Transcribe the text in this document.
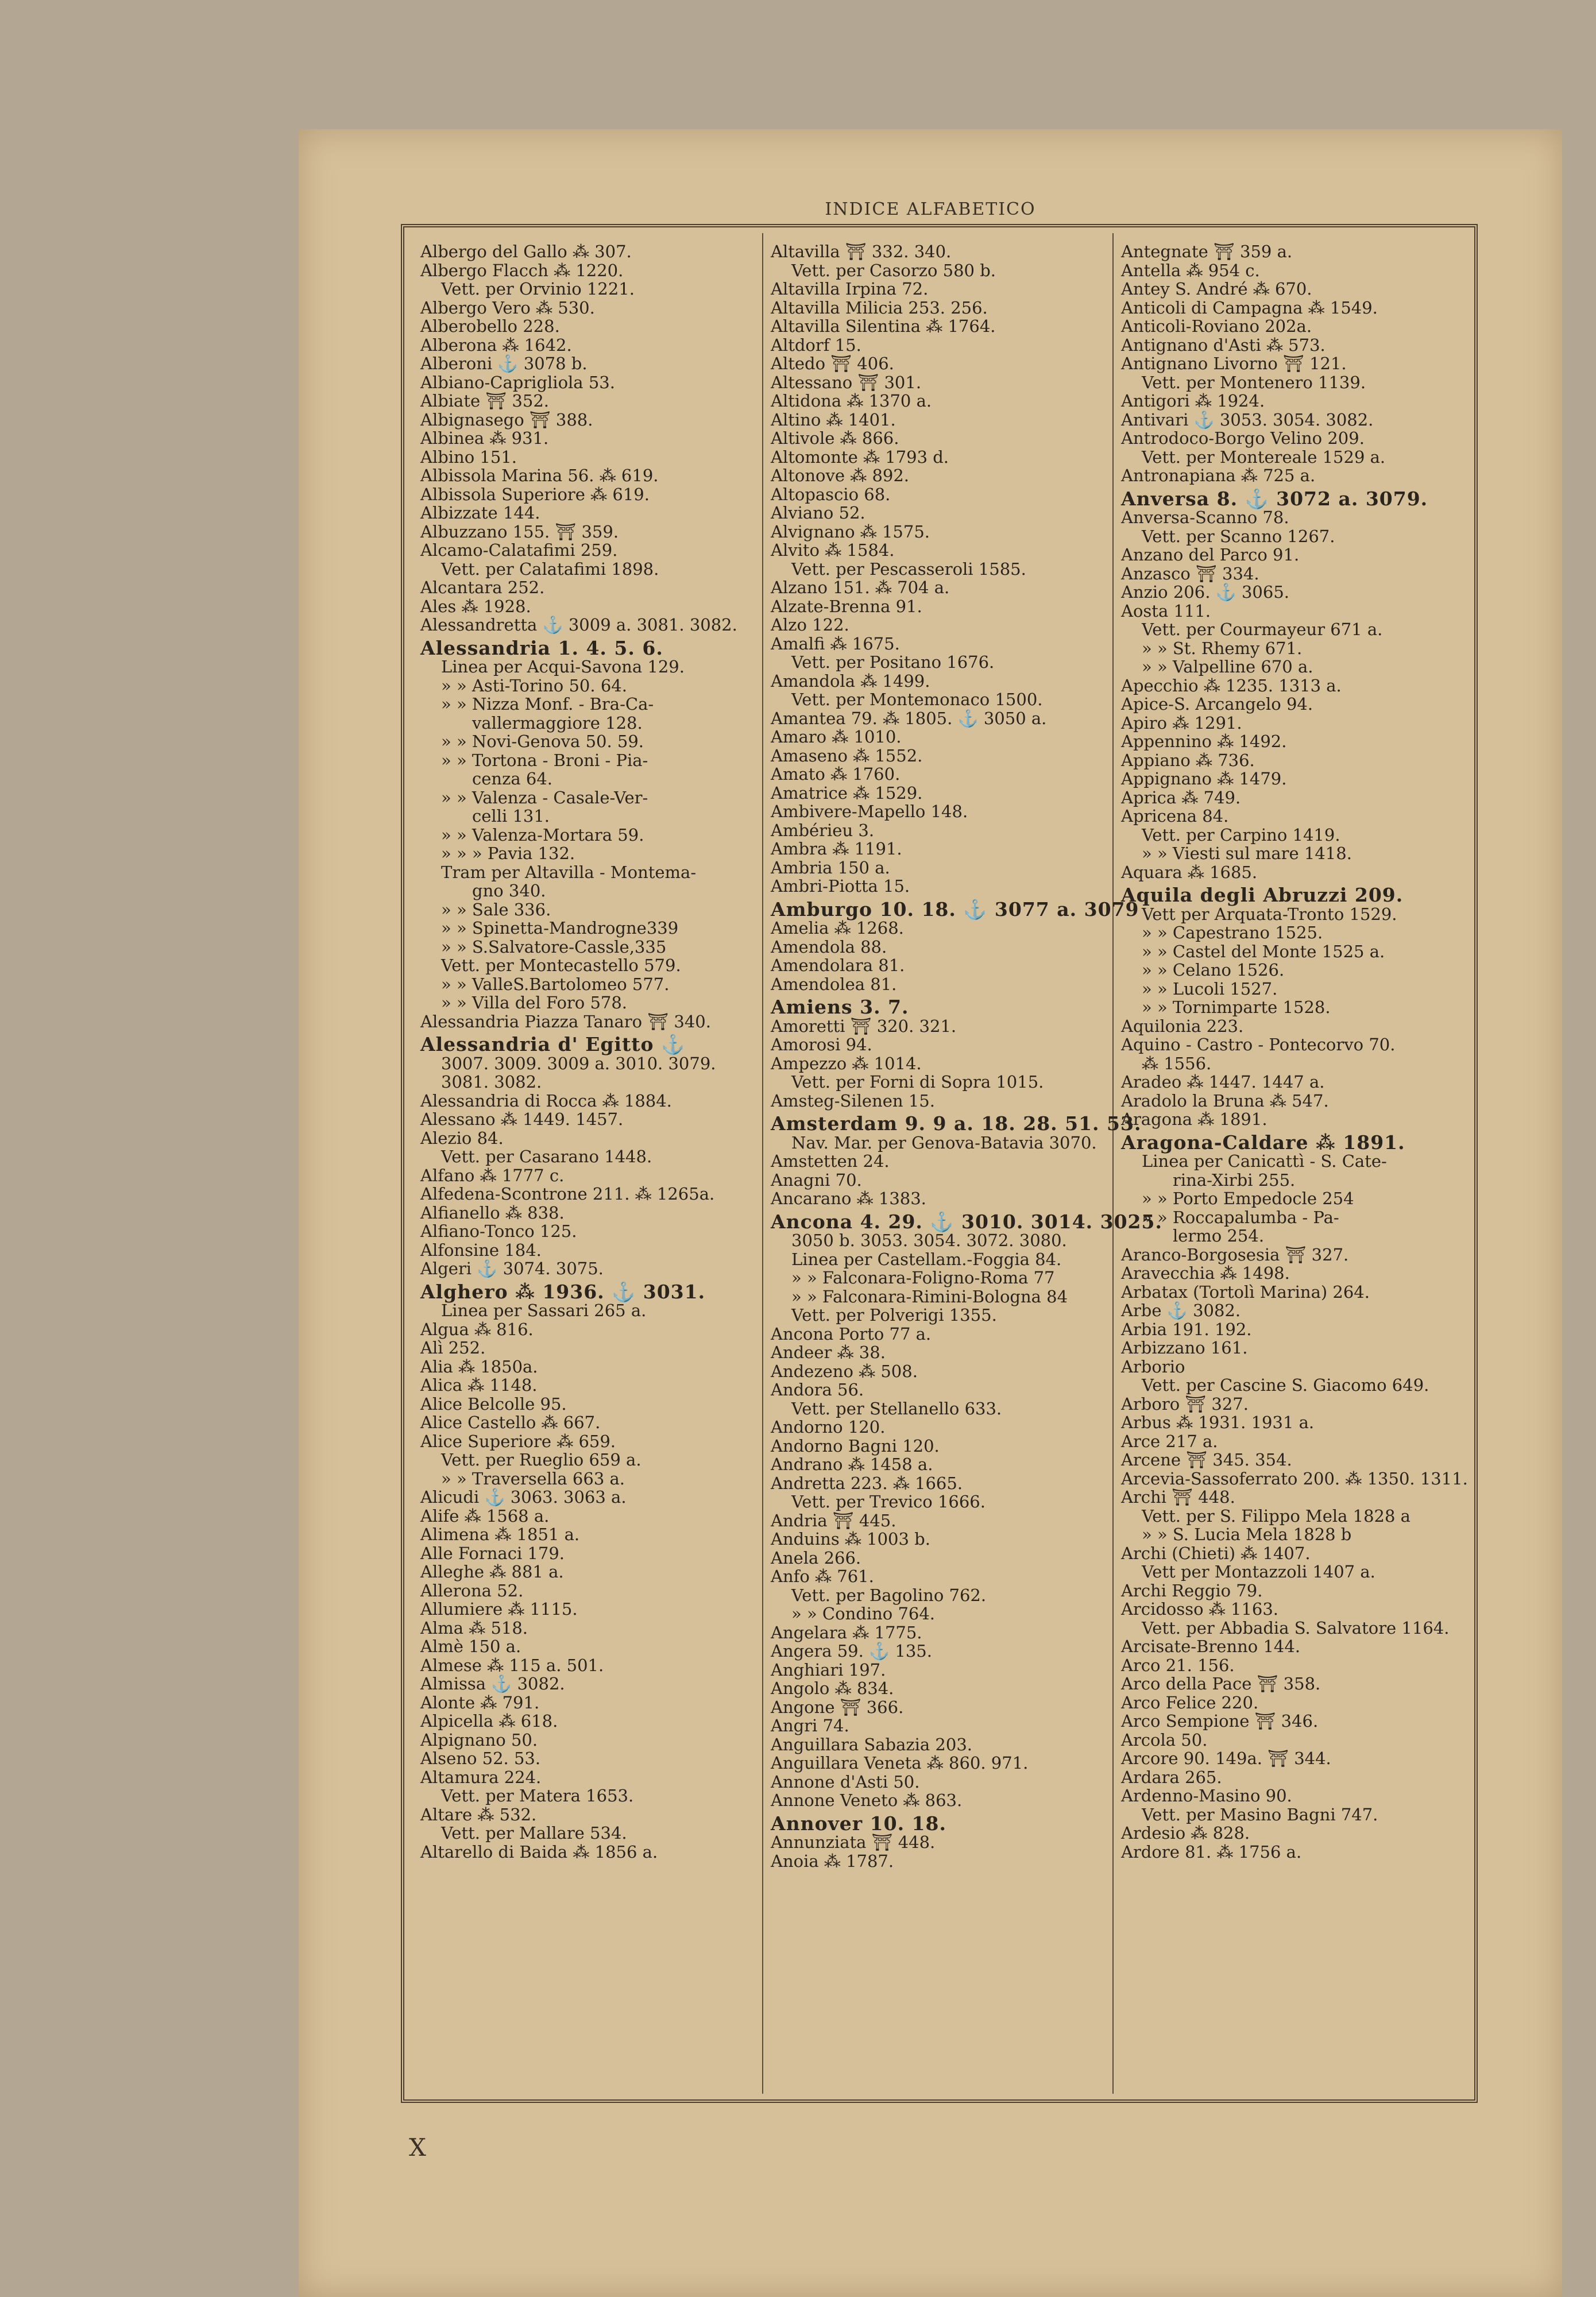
INDICE ALFABETICO
Albergo del Gallo ⁂ 307.
Albergo Flacch ⁂ 1220.
Vett. per Orvinio 1221.
Albergo Vero ⁂ 530.
Alberobello 228.
Alberona ⁂ 1642.
Alberoni ⚓ 3078 b.
Albiano-Caprigliola 53.
Albiate ⛩ 352.
Albignasego ⛩ 388.
Albinea ⁂ 931.
Albino 151.
Albissola Marina 56. ⁂ 619.
Albissola Superiore ⁂ 619.
Albizzate 144.
Albuzzano 155. ⛩ 359.
Alcamo-Calatafimi 259.
Vett. per Calatafimi 1898.
Alcantara 252.
Ales ⁂ 1928.
Alessandretta ⚓ 3009 a. 3081. 3082.
Alessandria 1. 4. 5. 6.
Linea per Acqui-Savona 129.
» » Asti-Torino 50. 64.
» » Nizza Monf. - Bra-Ca-
vallermaggiore 128.
» » Novi-Genova 50. 59.
» » Tortona - Broni - Pia-
cenza 64.
» » Valenza - Casale-Ver-
celli 131.
» » Valenza-Mortara 59.
» » » Pavia 132.
Tram per Altavilla - Montema-
gno 340.
» » Sale 336.
» » Spinetta-Mandrogne339
» » S.Salvatore-Cassle,335
Vett. per Montecastello 579.
» » ValleS.Bartolomeo 577.
» » Villa del Foro 578.
Alessandria Piazza Tanaro ⛩ 340.
Alessandria d' Egitto ⚓
3007. 3009. 3009 a. 3010. 3079.
3081. 3082.
Alessandria di Rocca ⁂ 1884.
Alessano ⁂ 1449. 1457.
Alezio 84.
Vett. per Casarano 1448.
Alfano ⁂ 1777 c.
Alfedena-Scontrone 211. ⁂ 1265a.
Alfianello ⁂ 838.
Alfiano-Tonco 125.
Alfonsine 184.
Algeri ⚓ 3074. 3075.
Alghero ⁂ 1936. ⚓ 3031.
Linea per Sassari 265 a.
Algua ⁂ 816.
Alì 252.
Alia ⁂ 1850a.
Alica ⁂ 1148.
Alice Belcolle 95.
Alice Castello ⁂ 667.
Alice Superiore ⁂ 659.
Vett. per Rueglio 659 a.
» » Traversella 663 a.
Alicudi ⚓ 3063. 3063 a.
Alife ⁂ 1568 a.
Alimena ⁂ 1851 a.
Alle Fornaci 179.
Alleghe ⁂ 881 a.
Allerona 52.
Allumiere ⁂ 1115.
Alma ⁂ 518.
Almè 150 a.
Almese ⁂ 115 a. 501.
Almissa ⚓ 3082.
Alonte ⁂ 791.
Alpicella ⁂ 618.
Alpignano 50.
Alseno 52. 53.
Altamura 224.
Vett. per Matera 1653.
Altare ⁂ 532.
Vett. per Mallare 534.
Altarello di Baida ⁂ 1856 a.
Altavilla ⛩ 332. 340.
Vett. per Casorzo 580 b.
Altavilla Irpina 72.
Altavilla Milicia 253. 256.
Altavilla Silentina ⁂ 1764.
Altdorf 15.
Altedo ⛩ 406.
Altessano ⛩ 301.
Altidona ⁂ 1370 a.
Altino ⁂ 1401.
Altivole ⁂ 866.
Altomonte ⁂ 1793 d.
Altonove ⁂ 892.
Altopascio 68.
Alviano 52.
Alvignano ⁂ 1575.
Alvito ⁂ 1584.
Vett. per Pescasseroli 1585.
Alzano 151. ⁂ 704 a.
Alzate-Brenna 91.
Alzo 122.
Amalfi ⁂ 1675.
Vett. per Positano 1676.
Amandola ⁂ 1499.
Vett. per Montemonaco 1500.
Amantea 79. ⁂ 1805. ⚓ 3050 a.
Amaro ⁂ 1010.
Amaseno ⁂ 1552.
Amato ⁂ 1760.
Amatrice ⁂ 1529.
Ambivere-Mapello 148.
Ambérieu 3.
Ambra ⁂ 1191.
Ambria 150 a.
Ambri-Piotta 15.
Amburgo 10. 18. ⚓ 3077 a. 3079
Amelia ⁂ 1268.
Amendola 88.
Amendolara 81.
Amendolea 81.
Amiens 3. 7.
Amoretti ⛩ 320. 321.
Amorosi 94.
Ampezzo ⁂ 1014.
Vett. per Forni di Sopra 1015.
Amsteg-Silenen 15.
Amsterdam 9. 9 a. 18. 28. 51. 53.
Nav. Mar. per Genova-Batavia 3070.
Amstetten 24.
Anagni 70.
Ancarano ⁂ 1383.
Ancona 4. 29. ⚓ 3010. 3014. 3025.
3050 b. 3053. 3054. 3072. 3080.
Linea per Castellam.-Foggia 84.
» » Falconara-Foligno-Roma 77
» » Falconara-Rimini-Bologna 84
Vett. per Polverigi 1355.
Ancona Porto 77 a.
Andeer ⁂ 38.
Andezeno ⁂ 508.
Andora 56.
Vett. per Stellanello 633.
Andorno 120.
Andorno Bagni 120.
Andrano ⁂ 1458 a.
Andretta 223. ⁂ 1665.
Vett. per Trevico 1666.
Andria ⛩ 445.
Anduins ⁂ 1003 b.
Anela 266.
Anfo ⁂ 761.
Vett. per Bagolino 762.
» » Condino 764.
Angelara ⁂ 1775.
Angera 59. ⚓ 135.
Anghiari 197.
Angolo ⁂ 834.
Angone ⛩ 366.
Angri 74.
Anguillara Sabazia 203.
Anguillara Veneta ⁂ 860. 971.
Annone d'Asti 50.
Annone Veneto ⁂ 863.
Annover 10. 18.
Annunziata ⛩ 448.
Anoia ⁂ 1787.
Antegnate ⛩ 359 a.
Antella ⁂ 954 c.
Antey S. André ⁂ 670.
Anticoli di Campagna ⁂ 1549.
Anticoli-Roviano 202a.
Antignano d'Asti ⁂ 573.
Antignano Livorno ⛩ 121.
Vett. per Montenero 1139.
Antigori ⁂ 1924.
Antivari ⚓ 3053. 3054. 3082.
Antrodoco-Borgo Velino 209.
Vett. per Montereale 1529 a.
Antronapiana ⁂ 725 a.
Anversa 8. ⚓ 3072 a. 3079.
Anversa-Scanno 78.
Vett. per Scanno 1267.
Anzano del Parco 91.
Anzasco ⛩ 334.
Anzio 206. ⚓ 3065.
Aosta 111.
Vett. per Courmayeur 671 a.
» » St. Rhemy 671.
» » Valpelline 670 a.
Apecchio ⁂ 1235. 1313 a.
Apice-S. Arcangelo 94.
Apiro ⁂ 1291.
Appennino ⁂ 1492.
Appiano ⁂ 736.
Appignano ⁂ 1479.
Aprica ⁂ 749.
Apricena 84.
Vett. per Carpino 1419.
» » Viesti sul mare 1418.
Aquara ⁂ 1685.
Aquila degli Abruzzi 209.
Vett per Arquata-Tronto 1529.
» » Capestrano 1525.
» » Castel del Monte 1525 a.
» » Celano 1526.
» » Lucoli 1527.
» » Tornimparte 1528.
Aquilonia 223.
Aquino - Castro - Pontecorvo 70.
⁂ 1556.
Aradeo ⁂ 1447. 1447 a.
Aradolo la Bruna ⁂ 547.
Aragona ⁂ 1891.
Aragona-Caldare ⁂ 1891.
Linea per Canicattì - S. Cate-
rina-Xirbi 255.
» » Porto Empedocle 254
» » Roccapalumba - Pa-
lermo 254.
Aranco-Borgosesia ⛩ 327.
Aravecchia ⁂ 1498.
Arbatax (Tortolì Marina) 264.
Arbe ⚓ 3082.
Arbia 191. 192.
Arbizzano 161.
Arborio
Vett. per Cascine S. Giacomo 649.
Arboro ⛩ 327.
Arbus ⁂ 1931. 1931 a.
Arce 217 a.
Arcene ⛩ 345. 354.
Arcevia-Sassoferrato 200. ⁂ 1350. 1311.
Archi ⛩ 448.
Vett. per S. Filippo Mela 1828 a
» » S. Lucia Mela 1828 b
Archi (Chieti) ⁂ 1407.
Vett per Montazzoli 1407 a.
Archi Reggio 79.
Arcidosso ⁂ 1163.
Vett. per Abbadia S. Salvatore 1164.
Arcisate-Brenno 144.
Arco 21. 156.
Arco della Pace ⛩ 358.
Arco Felice 220.
Arco Sempione ⛩ 346.
Arcola 50.
Arcore 90. 149a. ⛩ 344.
Ardara 265.
Ardenno-Masino 90.
Vett. per Masino Bagni 747.
Ardesio ⁂ 828.
Ardore 81. ⁂ 1756 a.
X
